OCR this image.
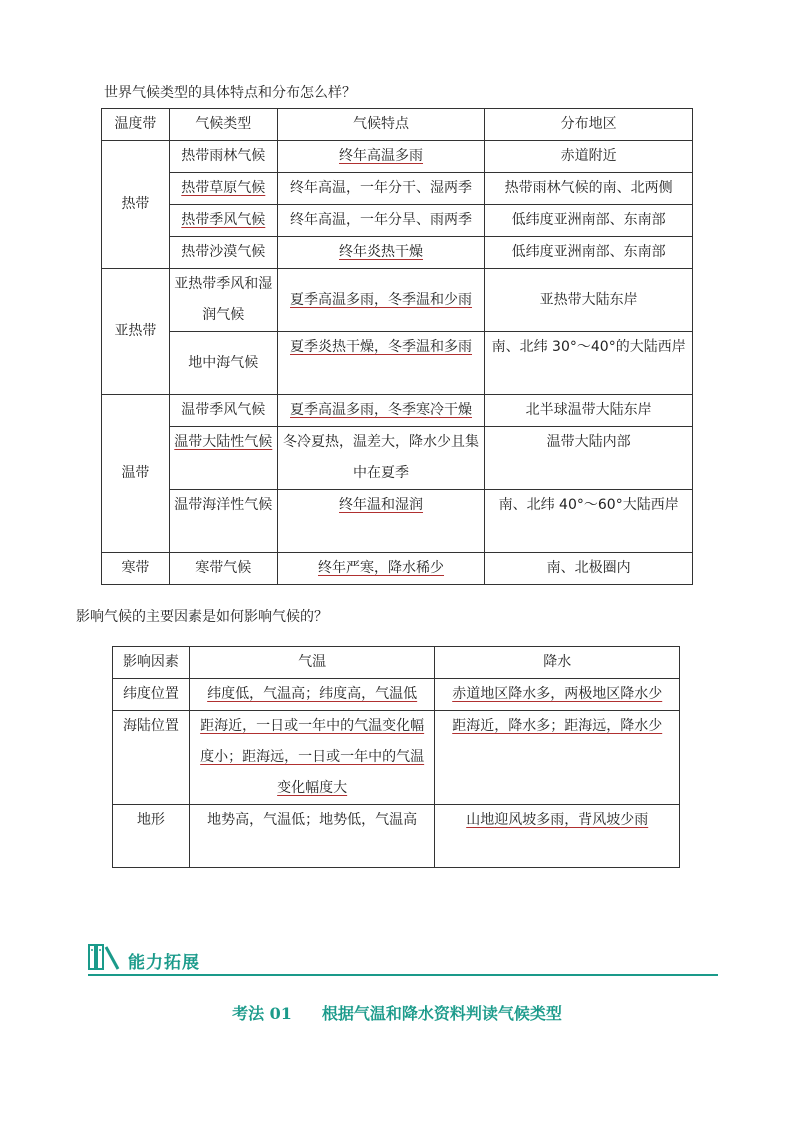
世界气候类型的具体特点和分布怎么样？
温度带	气候类型	气候特点	分布地区
热带	热带雨林气候	终年高温多雨	赤道附近
	热带草原气候	终年高温，一年分干、湿两季	热带雨林气候的南、北两侧
	热带季风气候	终年高温，一年分旱、雨两季	低纬度亚洲南部、东南部
	热带沙漠气候	终年炎热干燥	低纬度亚洲南部、东南部
亚热带	亚热带季风和湿润气候	夏季高温多雨，冬季温和少雨	亚热带大陆东岸
	地中海气候	夏季炎热干燥，冬季温和多雨	南、北纬 30°～40°的大陆西岸
温带	温带季风气候	夏季高温多雨，冬季寒冷干燥	北半球温带大陆东岸
	温带大陆性气候	冬冷夏热，温差大，降水少且集中在夏季	温带大陆内部
	温带海洋性气候	终年温和湿润	南、北纬 40°～60°大陆西岸
寒带	寒带气候	终年严寒，降水稀少	南、北极圈内
影响气候的主要因素是如何影响气候的？
影响因素	气温	降水
纬度位置	纬度低，气温高；纬度高，气温低	赤道地区降水多，两极地区降水少
海陆位置	距海近，一日或一年中的气温变化幅度小；距海远，一日或一年中的气温变化幅度大	距海近，降水多；距海远，降水少
地形	地势高，气温低；地势低，气温高	山地迎风坡多雨，背风坡少雨
能力拓展
考法 01 根据气温和降水资料判读气候类型
